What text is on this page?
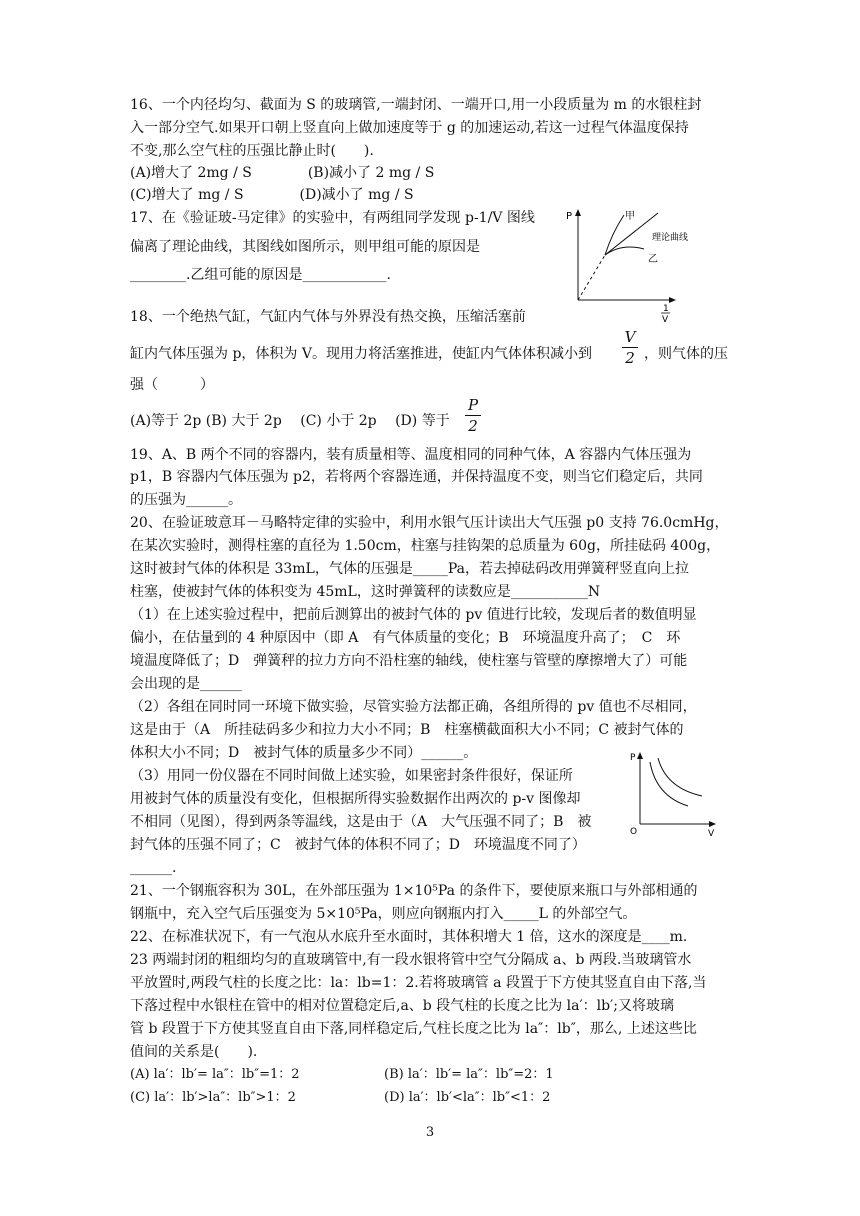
16、一个内径均匀、截面为 S 的玻璃管,一端封闭、一端开口,用一小段质量为 m 的水银柱封
入一部分空气.如果开口朝上竖直向上做加速度等于 g 的加速运动,若这一过程气体温度保持
不变,那么空气柱的压强比静止时(　　).
(A)增大了 2mg / S　　　　(B)减小了 2 mg / S
(C)增大了 mg / S　　　　(D)减小了 mg / S
17、在《验证玻-马定律》的实验中，有两组同学发现 p-1/V 图线
偏离了理论曲线，其图线如图所示，则甲组可能的原因是
________.乙组可能的原因是____________.
P
1
V
甲
理论曲线
乙
18、一个绝热气缸，气缸内气体与外界没有热交换，压缩活塞前
缸内气体压强为 p，体积为 V。现用力将活塞推进，使缸内气体体积减小到
V
2 ，则气体的压
强（　　　）
(A)等于 2p (B) 大于 2p　 (C) 小于 2p　 (D) 等于
P
2
19、A、B 两个不同的容器内，装有质量相等、温度相同的同种气体，A 容器内气体压强为
p1，B 容器内气体压强为 p2，若将两个容器连通，并保持温度不变，则当它们稳定后，共同
的压强为______。
20、在验证玻意耳－马略特定律的实验中，利用水银气压计读出大气压强 p0 支持 76.0cmHg，
在某次实验时，测得柱塞的直径为 1.50cm，柱塞与挂钩架的总质量为 60g，所挂砝码 400g，
这时被封气体的体积是 33mL，气体的压强是_____Pa，若去掉砝码改用弹簧秤竖直向上拉
柱塞，使被封气体的体积变为 45mL，这时弹簧秤的读数应是___________N
（1）在上述实验过程中，把前后测算出的被封气体的 pv 值进行比较，发现后者的数值明显
偏小，在估量到的 4 种原因中（即 A　有气体质量的变化；B　环境温度升高了；　C　环
境温度降低了；D　弹簧秤的拉力方向不沿柱塞的轴线，使柱塞与管壁的摩擦增大了）可能
会出现的是______
（2）各组在同时同一环境下做实验，尽管实验方法都正确，各组所得的 pv 值也不尽相同，
这是由于（A　所挂砝码多少和拉力大小不同；B　柱塞横截面积大小不同；C 被封气体的
体积大小不同；D　被封气体的质量多少不同）______。
（3）用同一份仪器在不同时间做上述实验，如果密封条件很好，保证所
用被封气体的质量没有变化，但根据所得实验数据作出两次的 p-v 图像却
不相同（见图），得到两条等温线，这是由于（A　大气压强不同了；B　被
封气体的压强不同了；C　被封气体的体积不同了；D　环境温度不同了）
______.
P
V
O
21、一个钢瓶容积为 30L，在外部压强为 1×10⁵Pa 的条件下，要使原来瓶口与外部相通的
钢瓶中，充入空气后压强变为 5×10⁵Pa，则应向钢瓶内打入_____L 的外部空气。
22、在标准状况下，有一气泡从水底升至水面时，其体积增大 1 倍，这水的深度是____m.
23 两端封闭的粗细均匀的直玻璃管中,有一段水银将管中空气分隔成 a、b 两段.当玻璃管水
平放置时,两段气柱的长度之比：la：lb=1：2.若将玻璃管 a 段置于下方使其竖直自由下落,当
下落过程中水银柱在管中的相对位置稳定后,a、b 段气柱的长度之比为 la′：lb′;又将玻璃
管 b 段置于下方使其竖直自由下落,同样稳定后,气柱长度之比为 la″：lb″，那么, 上述这些比
值间的关系是(　　).
(A) la′：lb′= la″：lb″=1：2	(B) la′：lb′= la″：lb″=2：1
(C) la′：lb′>la″：lb″>1：2	(D) la′：lb′<la″：lb″<1：2
3
